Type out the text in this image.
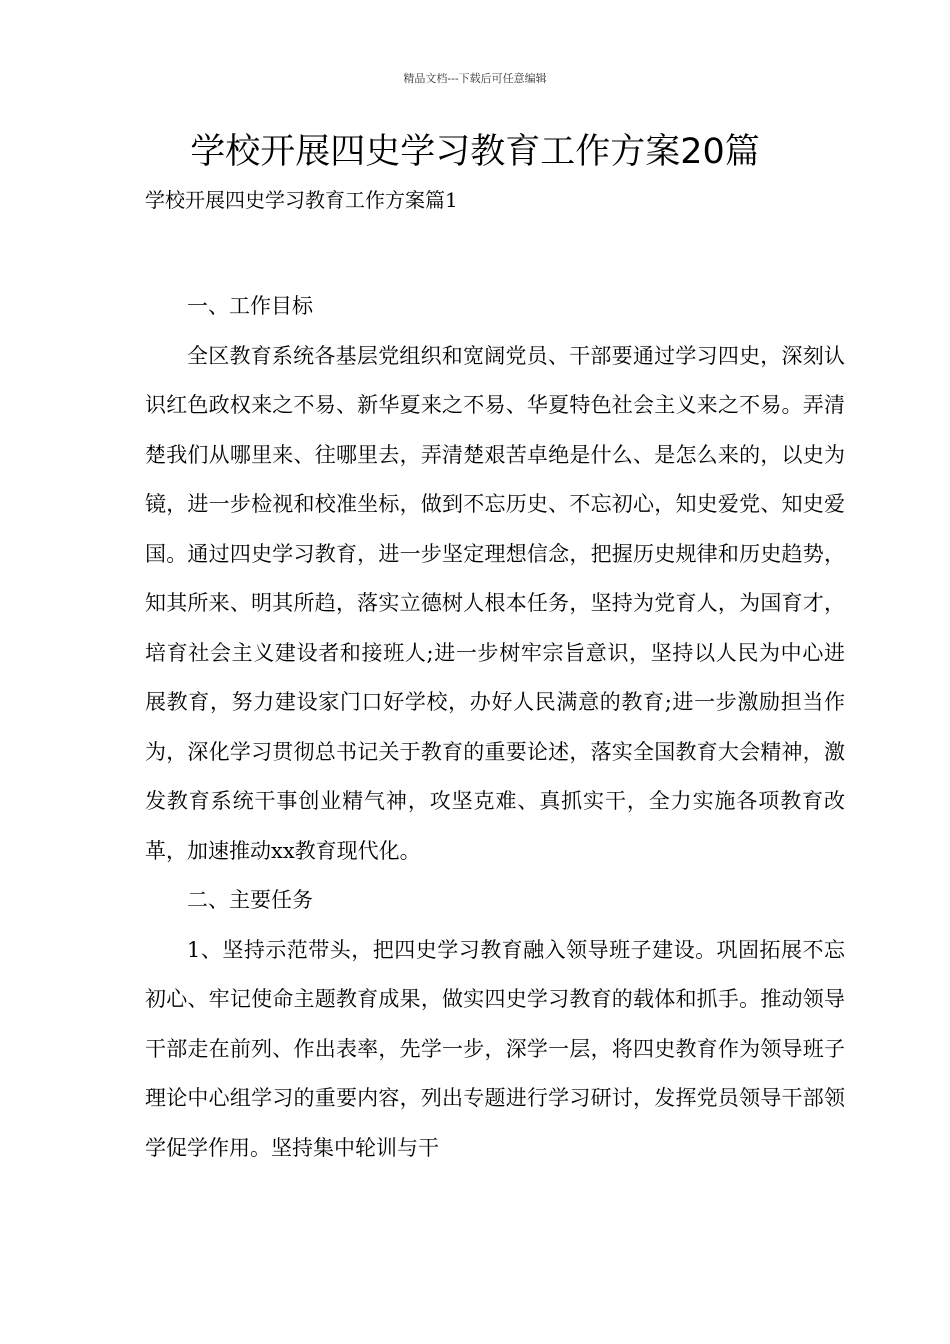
精品文档---下载后可任意编辑
学校开展四史学习教育工作方案20篇
学校开展四史学习教育工作方案篇1

一、工作目标

全区教育系统各基层党组织和宽阔党员、干部要通过学习四史，深刻认识红色政权来之不易、新华夏来之不易、华夏特色社会主义来之不易。弄清楚我们从哪里来、往哪里去，弄清楚艰苦卓绝是什么、是怎么来的，以史为镜，进一步检视和校准坐标，做到不忘历史、不忘初心，知史爱党、知史爱国。通过四史学习教育，进一步坚定理想信念，把握历史规律和历史趋势，知其所来、明其所趋，落实立德树人根本任务，坚持为党育人，为国育才，培育社会主义建设者和接班人;进一步树牢宗旨意识，坚持以人民为中心进展教育，努力建设家门口好学校，办好人民满意的教育;进一步激励担当作为，深化学习贯彻总书记关于教育的重要论述，落实全国教育大会精神，激发教育系统干事创业精气神，攻坚克难、真抓实干，全力实施各项教育改革，加速推动xx教育现代化。

二、主要任务

1、坚持示范带头，把四史学习教育融入领导班子建设。巩固拓展不忘初心、牢记使命主题教育成果，做实四史学习教育的载体和抓手。推动领导干部走在前列、作出表率，先学一步，深学一层，将四史教育作为领导班子理论中心组学习的重要内容，列出专题进行学习研讨，发挥党员领导干部领学促学作用。坚持集中轮训与干
